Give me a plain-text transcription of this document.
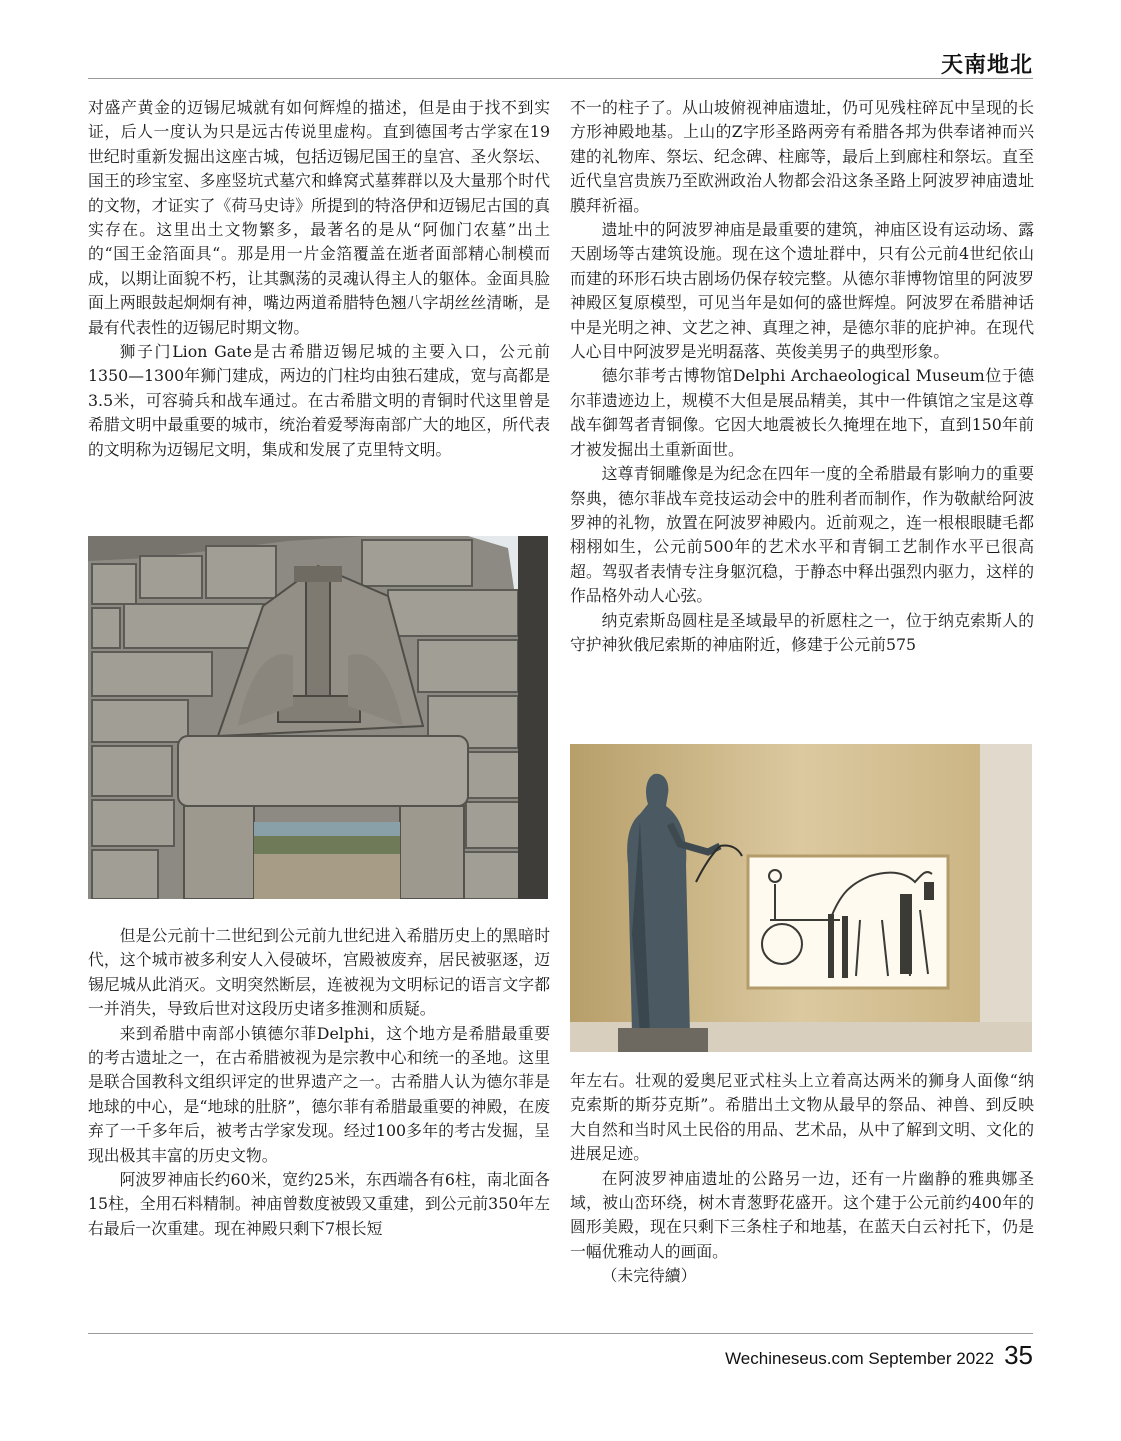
天南地北

对盛产黄金的迈锡尼城就有如何辉煌的描述，但是由于找不到实证，后人一度认为只是远古传说里虚构。直到德国考古学家在19世纪时重新发掘出这座古城，包括迈锡尼国王的皇宫、圣火祭坛、国王的珍宝室、多座竖坑式墓穴和蜂窝式墓葬群以及大量那个时代的文物，才证实了《荷马史诗》所提到的特洛伊和迈锡尼古国的真实存在。这里出土文物繁多，最著名的是从“阿伽门农墓”出土的“国王金箔面具“。那是用一片金箔覆盖在逝者面部精心制模而成，以期让面貌不朽，让其飘荡的灵魂认得主人的躯体。金面具脸面上两眼鼓起炯炯有神，嘴边两道希腊特色翘八字胡丝丝清晰，是最有代表性的迈锡尼时期文物。

狮子门Lion Gate是古希腊迈锡尼城的主要入口，公元前1350—1300年狮门建成，两边的门柱均由独石建成，宽与高都是3.5米，可容骑兵和战车通过。在古希腊文明的青铜时代这里曾是希腊文明中最重要的城市，统治着爱琴海南部广大的地区，所代表的文明称为迈锡尼文明，集成和发展了克里特文明。

但是公元前十二世纪到公元前九世纪进入希腊历史上的黑暗时代，这个城市被多利安人入侵破坏，宫殿被废弃，居民被驱逐，迈锡尼城从此消灭。文明突然断层，连被视为文明标记的语言文字都一并消失，导致后世对这段历史诸多推测和质疑。

来到希腊中南部小镇德尔菲Delphi，这个地方是希腊最重要的考古遗址之一，在古希腊被视为是宗教中心和统一的圣地。这里是联合国教科文组织评定的世界遗产之一。古希腊人认为德尔菲是地球的中心，是“地球的肚脐”，德尔菲有希腊最重要的神殿，在废弃了一千多年后，被考古学家发现。经过100多年的考古发掘，呈现出极其丰富的历史文物。

阿波罗神庙长约60米，宽约25米，东西端各有6柱，南北面各15柱，全用石料精制。神庙曾数度被毁又重建，到公元前350年左右最后一次重建。现在神殿只剩下7根长短

不一的柱子了。从山坡俯视神庙遗址，仍可见残柱碎瓦中呈现的长方形神殿地基。上山的Z字形圣路两旁有希腊各邦为供奉诸神而兴建的礼物库、祭坛、纪念碑、柱廊等，最后上到廊柱和祭坛。直至近代皇宫贵族乃至欧洲政治人物都会沿这条圣路上阿波罗神庙遗址膜拜祈福。

遗址中的阿波罗神庙是最重要的建筑，神庙区设有运动场、露天剧场等古建筑设施。现在这个遗址群中，只有公元前4世纪依山而建的环形石块古剧场仍保存较完整。从德尔菲博物馆里的阿波罗神殿区复原模型，可见当年是如何的盛世辉煌。阿波罗在希腊神话中是光明之神、文艺之神、真理之神，是德尔菲的庇护神。在现代人心目中阿波罗是光明磊落、英俊美男子的典型形象。

德尔菲考古博物馆Delphi Archaeological Museum位于德尔菲遗迹边上，规模不大但是展品精美，其中一件镇馆之宝是这尊战车御驾者青铜像。它因大地震被长久掩埋在地下，直到150年前才被发掘出土重新面世。

这尊青铜雕像是为纪念在四年一度的全希腊最有影响力的重要祭典，德尔菲战车竞技运动会中的胜利者而制作，作为敬献给阿波罗神的礼物，放置在阿波罗神殿内。近前观之，连一根根眼睫毛都栩栩如生，公元前500年的艺术水平和青铜工艺制作水平已很高超。驾驭者表情专注身躯沉稳，于静态中释出强烈内驱力，这样的作品格外动人心弦。

纳克索斯岛圆柱是圣域最早的祈愿柱之一，位于纳克索斯人的守护神狄俄尼索斯的神庙附近，修建于公元前575

年左右。壮观的爱奥尼亚式柱头上立着高达两米的狮身人面像“纳克索斯的斯芬克斯”。希腊出土文物从最早的祭品、神兽、到反映大自然和当时风土民俗的用品、艺术品，从中了解到文明、文化的进展足迹。

在阿波罗神庙遗址的公路另一边，还有一片幽静的雅典娜圣域，被山峦环绕，树木青葱野花盛开。这个建于公元前约400年的圆形美殿，现在只剩下三条柱子和地基，在蓝天白云衬托下，仍是一幅优雅动人的画面。

（未完待續）

Wechineseus.com September 2022 35
